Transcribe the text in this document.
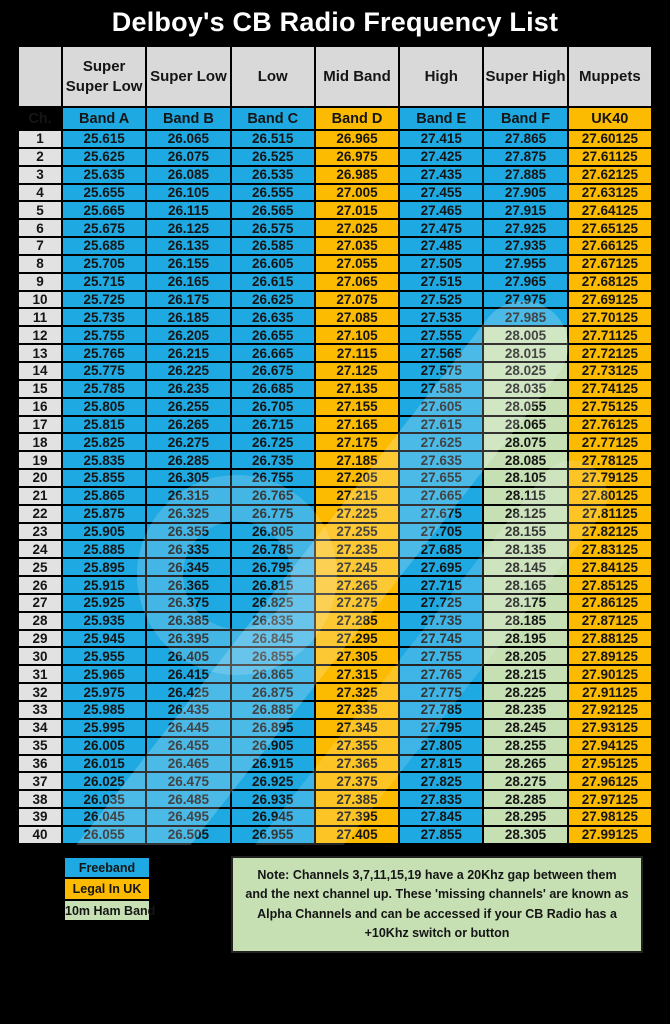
Delboy's CB Radio Frequency List
	Super Super Low	Super Low	Low	Mid Band	High	Super High	Muppets
Ch.	Band A	Band B	Band C	Band D	Band E	Band F	UK40
1	25.615	26.065	26.515	26.965	27.415	27.865	27.60125
2	25.625	26.075	26.525	26.975	27.425	27.875	27.61125
3	25.635	26.085	26.535	26.985	27.435	27.885	27.62125
4	25.655	26.105	26.555	27.005	27.455	27.905	27.63125
5	25.665	26.115	26.565	27.015	27.465	27.915	27.64125
6	25.675	26.125	26.575	27.025	27.475	27.925	27.65125
7	25.685	26.135	26.585	27.035	27.485	27.935	27.66125
8	25.705	26.155	26.605	27.055	27.505	27.955	27.67125
9	25.715	26.165	26.615	27.065	27.515	27.965	27.68125
10	25.725	26.175	26.625	27.075	27.525	27.975	27.69125
11	25.735	26.185	26.635	27.085	27.535	27.985	27.70125
12	25.755	26.205	26.655	27.105	27.555	28.005	27.71125
13	25.765	26.215	26.665	27.115	27.565	28.015	27.72125
14	25.775	26.225	26.675	27.125	27.575	28.025	27.73125
15	25.785	26.235	26.685	27.135	27.585	28.035	27.74125
16	25.805	26.255	26.705	27.155	27.605	28.055	27.75125
17	25.815	26.265	26.715	27.165	27.615	28.065	27.76125
18	25.825	26.275	26.725	27.175	27.625	28.075	27.77125
19	25.835	26.285	26.735	27.185	27.635	28.085	27.78125
20	25.855	26.305	26.755	27.205	27.655	28.105	27.79125
21	25.865	26.315	26.765	27.215	27.665	28.115	27.80125
22	25.875	26.325	26.775	27.225	27.675	28.125	27.81125
23	25.905	26.355	26.805	27.255	27.705	28.155	27.82125
24	25.885	26.335	26.785	27.235	27.685	28.135	27.83125
25	25.895	26.345	26.795	27.245	27.695	28.145	27.84125
26	25.915	26.365	26.815	27.265	27.715	28.165	27.85125
27	25.925	26.375	26.825	27.275	27.725	28.175	27.86125
28	25.935	26.385	26.835	27.285	27.735	28.185	27.87125
29	25.945	26.395	26.845	27.295	27.745	28.195	27.88125
30	25.955	26.405	26.855	27.305	27.755	28.205	27.89125
31	25.965	26.415	26.865	27.315	27.765	28.215	27.90125
32	25.975	26.425	26.875	27.325	27.775	28.225	27.91125
33	25.985	26.435	26.885	27.335	27.785	28.235	27.92125
34	25.995	26.445	26.895	27.345	27.795	28.245	27.93125
35	26.005	26.455	26.905	27.355	27.805	28.255	27.94125
36	26.015	26.465	26.915	27.365	27.815	28.265	27.95125
37	26.025	26.475	26.925	27.375	27.825	28.275	27.96125
38	26.035	26.485	26.935	27.385	27.835	28.285	27.97125
39	26.045	26.495	26.945	27.395	27.845	28.295	27.98125
40	26.055	26.505	26.955	27.405	27.855	28.305	27.99125
Freeband
Legal In UK
10m Ham Band
Note: Channels 3,7,11,15,19 have a 20Khz gap between them and the next channel up. These 'missing channels' are known as Alpha Channels and can be accessed if your CB Radio has a +10Khz switch or button
